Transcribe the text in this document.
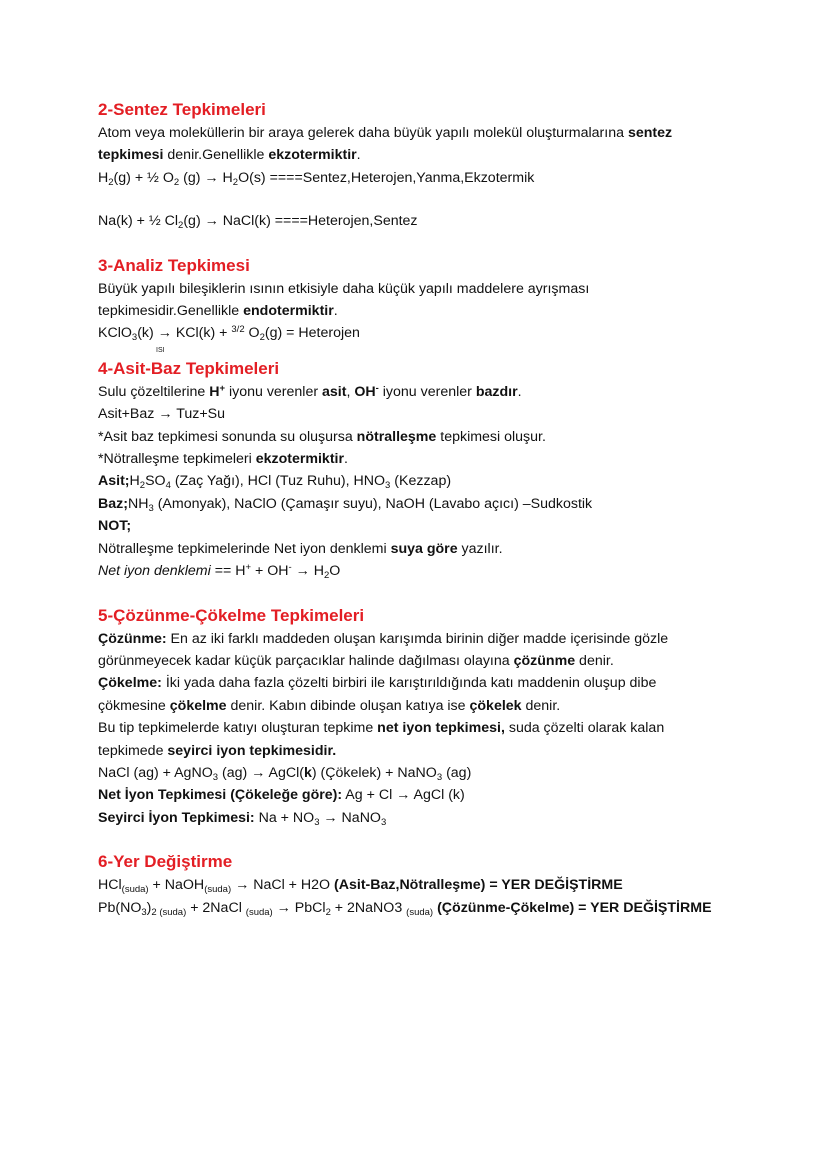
2-Sentez Tepkimeleri
Atom veya moleküllerin bir araya gelerek daha büyük yapılı molekül oluşturmalarına sentez
tepkimesi denir.Genellikle ekzotermiktir.
$H_2(g)$ + ½ $O_2$ $(g) \to H_2O(s)$ ====Sentez,Heterojen,Yanma,Ekzotermik
Na(k) + ½ $Cl_2(g)$ → NaCl(k) ====Heterojen,Sentez
3-Analiz Tepkimesi
Büyük yapılı bileşiklerin ısının etkisiyle daha küçük yapılı maddelere ayrışması
tepkimesidir.Genellikle endotermiktir.
KClO$_3$(k) → KCl(k) + $^{3/2}$ $O_2(g)$ = Heterojen
ISI
4-Asit-Baz Tepkimeleri
Sulu çözeltilerine H+ iyonu verenler asit, OH- iyonu verenler bazdır.
Asit+Baz → Tuz+Su
*Asit baz tepkimesi sonunda su oluşursa nötralleşme tepkimesi oluşur.
*Nötralleşme tepkimeleri ekzotermiktir.
$Asit;H_2SO_4$ (Zaç Yağı), HCl (Tuz Ruhu), $HNO_3$ (Kezzap)
$Baz;NH_3$ (Amonyak), NaClO (Çamaşır suyu), NaOH (Lavabo açıcı) –Sudkostik
NOT;
Nötralleşme tepkimelerinde Net iyon denklemi suya göre yazılır.
Net iyon denklemi == $H^+ + OH^- \to H_2O$
5-Çözünme-Çökelme Tepkimeleri
Çözünme: En az iki farklı maddeden oluşan karışımda birinin diğer madde içerisinde gözle
görünmeyecek kadar küçük parçacıklar halinde dağılması olayına çözünme denir.
Çökelme: İki yada daha fazla çözelti birbiri ile karıştırıldığında katı maddenin oluşup dibe
çökmesine çökelme denir. Kabın dibinde oluşan katıya ise çökelek denir.
Bu tip tepkimelerde katıyı oluşturan tepkime net iyon tepkimesi, suda çözelti olarak kalan
tepkimede seyirci iyon tepkimesidir.
NaCl (ag) + AgNO$_3$ (ag) → AgCl(k) (Çökelek) + NaNO$_3$ (ag)
Net İyon Tepkimesi (Çökeleğe göre): Ag + Cl → AgCl (k)
Seyirci İyon Tepkimesi: $Na + NO_3$ → NaNO$_3$
6-Yer Değiştirme
HCl$_{(suda)}$ + NaOH$_{(suda)}$ → NaCl + H2O (Asit-Baz,Nötralleşme) = YER DEĞİŞTİRME
$Pb(NO_3)_{2 (suda)}$ + 2NaCl $_{(suda)}$ → PbCl$_2$ + 2NaNO3 $_{(suda)}$ (Çözünme-Çökelme) = YER DEĞİŞTİRME
